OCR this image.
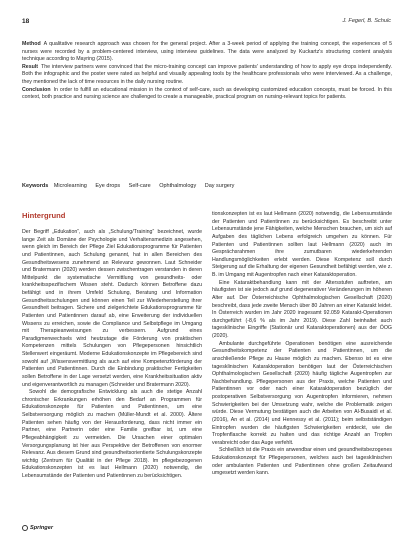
18	J. Fegerl, B. Schulc

Method A qualitative research approach was chosen for the general project. After a 3-week period of applying the training concept, the experiences of 5 nurses were recorded by a problem-centered interview, using interview guidelines. The data were analyzed by Kuckartz's structuring content analysis technique according to Mayring (2015).

Result The interview partners were convinced that the micro-training concept can improve patients' understanding of how to apply eye drops independently. Both the infographic and the poster were rated as helpful and visually appealing tools by the healthcare professionals who were interviewed. As a challenge, they mentioned the lack of time resources in the daily nursing routine.

Conclusion In order to fulfill an educational mission in the context of self-care, such as developing customized education concepts, must be forced. In this context, both practice and nursing science are challenged to create a manageable, practical program on nursing-relevant topics for patients.

Keywords Microlearning Eye drops Self-care Ophthalmology Day surgery
Hintergrund

Der Begriff „Edukation“, auch als „Schulung/Training“ bezeichnet, wurde lange Zeit als Domäne der Psychologie und Verhaltensmedizin angesehen, wenn gleich im Bereich der Pflege Ziel Edukationsprogramme für Patienten und Patientinnen, auch Schulung genannt, hat in allen Bereichen des Gesundheitswesens zunehmend an Relevanz gewonnen. Laut Schneider und Bratermann (2020) werden dessen zwischentragen verstanden in deren Mittelpunkt die systematische Vermittlung von gesundheits- oder krankheitsspezifischem Wissen steht. Dadurch können Betroffene dazu befähigt und in ihrem Umfeld Schulung, Beratung und Information Gesundheitsschulungen und können einen Teil zur Wiederherstellung ihrer Gesundheit beitragen. Sichere und zielgerichtete Edukationsprogramme für Patienten und Patientinnen darauf ab, eine Erweiterung der individuellen Wissens zu erreichen, sowie die Compliance und Selbstpflege im Umgang mit Therapieanweisungen zu verbessern. Aufgrund eines Paradigmenwechsels wird heutzutage die Förderung von praktischen Kompetenzen mittels Schulungen von Pflegepersonen hinsichtlich Stellenwert eingeräumt. Moderne Edukationskonzepte im Pflegebereich sind sowohl auf „Wissensvermittlung als auch auf eine Kompetenzförderung der Patienten und Patientinnen. Durch die Einbindung praktischer Fertigkeiten sollen Betroffene in der Lage versetzt werden, eine Krankheitssituation aktiv und eigenverantwortlich zu managen (Schneider und Bratermann 2020).

Sowohl die demografische Entwicklung als auch die stetige Anzahl chronischer Erkrankungen erhöhen den Bedarf an Programmen für Edukationskonzepte für Patienten und Patientinnen, um eine Selbstversorgung möglich zu machen (Müller-Mundt et al. 2000). Ältere Patienten sehen häufig von der Herausforderung, dass nicht immer ein Partner, eine Partnerin oder eine Familie greifbar ist, um eine Pflegeabhängigkeit zu vermeiden. Die Ursachen einer optimalen Versorgungsplanung ist hier aus Perspektive der Betroffenen von enormer Relevanz. Aus diesem Grund sind gesundheitsorientierte Schulungskonzepte wichtig (Zentrum für Qualität in der Pflege 2018). Im pflegebezogenen Edukationskonzepten ist es laut Hellmann (2020) notwendig, die Lebensumstände der Patienten und Patientinnen zu berücksichtigen.

tionskonzepten ist es laut Hellmann (2020) notwendig, die Lebensumstände der Patienten und Patientinnen zu berücksichtigen. Es beschreibt unter Lebensumstände jene Fähigkeiten, welche Menschen brauchen, um sich auf Aufgaben des täglichen Lebens erfolgreich umgehen zu können. Für Patienten und Patientinnen sollten laut Hellmann (2020) auch im Gesprächsrahmen ihre zumutbaren wiederkehrenden Handlungsmöglichkeiten erlebt werden. Diese Kompetenz soll durch Steigerung auf die Erhaltung der eigenen Gesundheit befähigt werden, wie z. B. im Umgang mit Augentropfen nach einer Kataraktoperation.

Eine Kataraktbehandlung kann mit der Altersstufen auftreten, am häufigsten ist sie jedoch auf grund degenerativer Veränderungen im höheren Alter auf. Der Österreichische Ophthalmologischen Gesellschaft (2020) beschreibt, dass jede zweite Mensch über 80 Jahren an einer Katarakt leidet. In Österreich wurden im Jahr 2020 insgesamt 92.059 Katarakt-Operationen durchgeführt (-8,6 % als im Jahr 2019). Diese Zahl beinhaltet auch tagesklinische Eingriffe (Stationär und Kataraktoperationen) aus der ÖOG (2020).

Ambulante durchgeführte Operationen benötigen eine ausreichende Gesundheitskompetenz der Patienten und Patientinnen, um die anschließende Pflege zu Hause möglich zu machen. Ebenso ist es eine tagesklinischen Kataraktoperation benötigen laut der Österreichischen Ophthalmologischen Gesellschaft (2020) häufig tägliche Augentropfen zur Nachbehandlung. Pflegepersonen aus der Praxis, welche Patienten und Patientinnen vor oder nach einer Kataraktoperation bezüglich der postoperativen Selbstversorgung von Augentropfen informieren, nehmen Schwierigkeiten bei der Umsetzung wahr, welche die Problematik zeigen würde. Diese Vermutung bestätigen auch die Arbeiten von Al-Busaidi et al. (2016), An et al. (2014) und Hennessy et al. (2011); beim selbstständigen Eintropfen wurden die häufigsten Schwierigkeiten entdeckt, wie die Tropfenflasche korrekt zu halten und das richtige Anzahl an Tropfen verabreicht oder das Auge verfehlt.

Schließlich ist die Praxis ein anwendbar einen und gesundheitsbezogenes Edukationskonzept für Pflegepersonen, welches auch bei tagesklinischen oder ambulanten Patienten und Patientinnen ohne großen Zeitaufwand umgesetzt werden kann.

Springer
